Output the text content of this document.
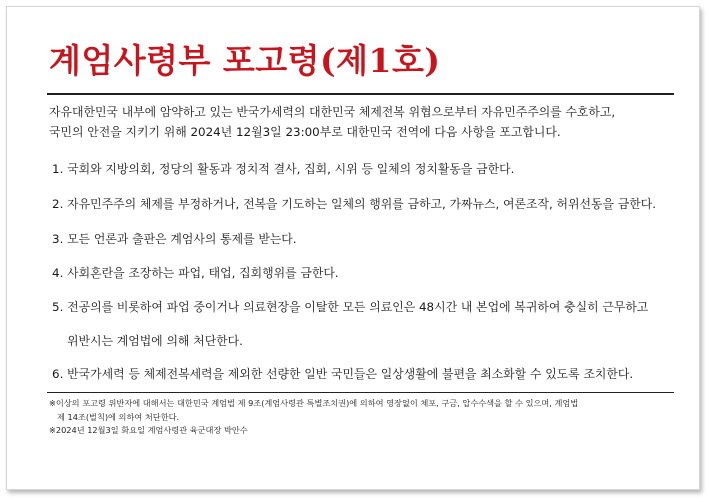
계엄사령부 포고령(제1호)
자유대한민국 내부에 암약하고 있는 반국가세력의 대한민국 체제전복 위협으로부터 자유민주주의를 수호하고,
국민의 안전을 지키기 위해 2024년 12월3일 23:00부로 대한민국 전역에 다음 사항을 포고합니다.
1. 국회와 지방의회, 정당의 활동과 정치적 결사, 집회, 시위 등 일체의 정치활동을 금한다.
2. 자유민주주의 체제를 부정하거나, 전복을 기도하는 일체의 행위를 금하고, 가짜뉴스, 여론조작, 허위선동을 금한다.
3. 모든 언론과 출판은 계엄사의 통제를 받는다.
4. 사회혼란을 조장하는 파업, 태업, 집회행위를 금한다.
5. 전공의를 비롯하여 파업 중이거나 의료현장을 이탈한 모든 의료인은 48시간 내 본업에 복귀하여 충실히 근무하고
위반시는 계엄법에 의해 처단한다.
6. 반국가세력 등 체제전복세력을 제외한 선량한 일반 국민들은 일상생활에 불편을 최소화할 수 있도록 조치한다.
※이상의 포고령 위반자에 대해서는 대한민국 계엄법 제 9조(계엄사령관 특별조치권)에 의하여 영장없이 체포, 구금, 압수수색을 할 수 있으며, 계엄법
제 14조(벌칙)에 의하여 처단한다.
※2024년 12월3일 화요일 계엄사령관 육군대장 박안수
